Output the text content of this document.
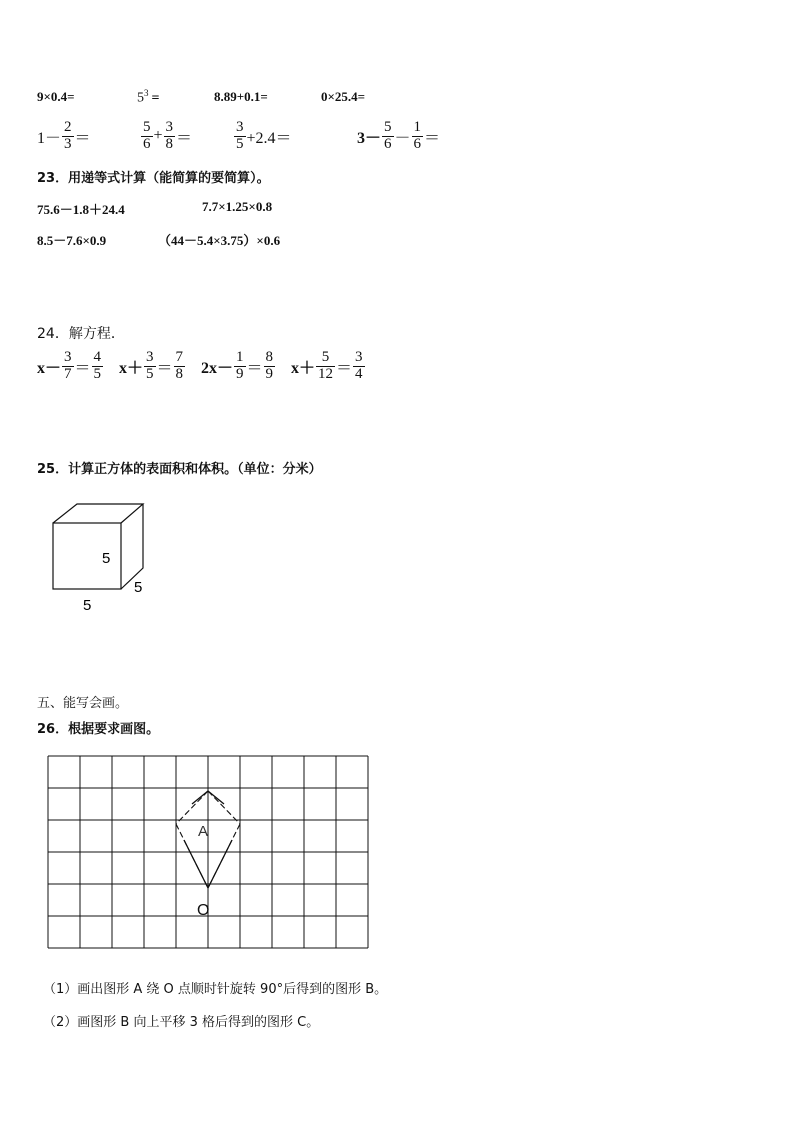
9×0.4=	$5^3$ =	8.89+0.1=	0×25.4=
$1- \frac{2}{3}$ ＝	$\frac{5}{6} + \frac{3}{8}$ ＝	$\frac{3}{5} +2.4=$	$3- \frac{5}{6} - \frac{1}{6}$ ＝
23．用递等式计算（能简算的要简算）。
75.6－1.8＋24.4	7.7×1.25×0.8
8.5－7.6×0.9	（44－5.4×3.75）×0.6
24．解方程．
$x- \frac{3}{7} = \frac{4}{5} x+ \frac{3}{5} = \frac{7}{8} 2x- \frac{1}{9} = \frac{8}{9} x+ \frac{5}{12} = \frac{3}{4}$
25．计算正方体的表面积和体积。（单位：分米）
5
5
5
五、能写会画。
26．根据要求画图。
A
O
（1）画出图形 A 绕 O 点顺时针旋转 90°后得到的图形 B。
（2）画图形 B 向上平移 3 格后得到的图形 C。
